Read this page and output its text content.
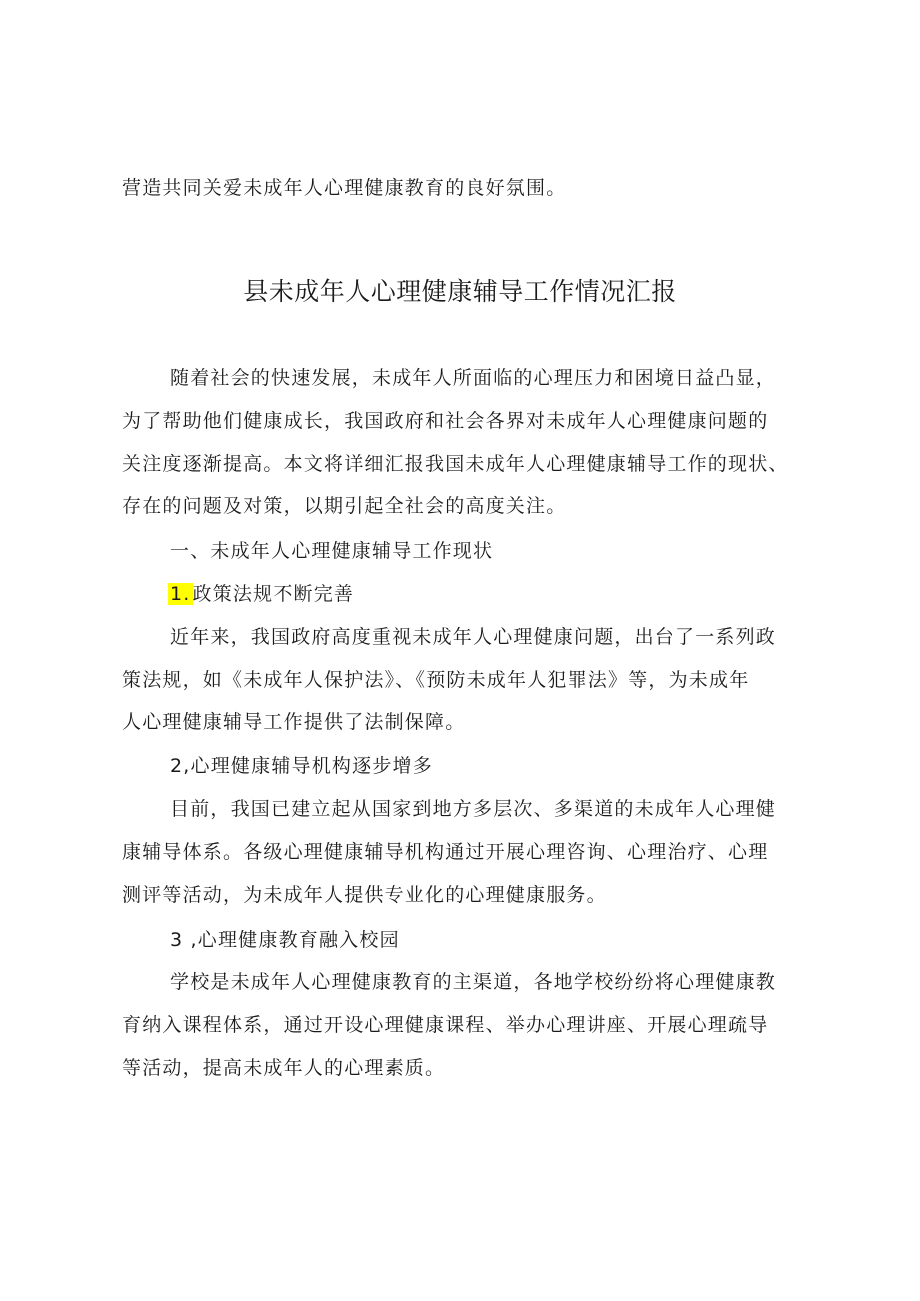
营造共同关爱未成年人心理健康教育的良好氛围。
县未成年人心理健康辅导工作情况汇报
随着社会的快速发展，未成年人所面临的心理压力和困境日益凸显，
为了帮助他们健康成长，我国政府和社会各界对未成年人心理健康问题的
关注度逐渐提高。本文将详细汇报我国未成年人心理健康辅导工作的现状、
存在的问题及对策，以期引起全社会的高度关注。
一、未成年人心理健康辅导工作现状
1. 政策法规不断完善
近年来，我国政府高度重视未成年人心理健康问题，出台了一系列政
策法规，如《未成年人保护法》、《预防未成年人犯罪法》等，为未成年
人心理健康辅导工作提供了法制保障。
2,心理健康辅导机构逐步增多
目前，我国已建立起从国家到地方多层次、多渠道的未成年人心理健
康辅导体系。各级心理健康辅导机构通过开展心理咨询、心理治疗、心理
测评等活动，为未成年人提供专业化的心理健康服务。
3 ,心理健康教育融入校园
学校是未成年人心理健康教育的主渠道，各地学校纷纷将心理健康教
育纳入课程体系，通过开设心理健康课程、举办心理讲座、开展心理疏导
等活动，提高未成年人的心理素质。
